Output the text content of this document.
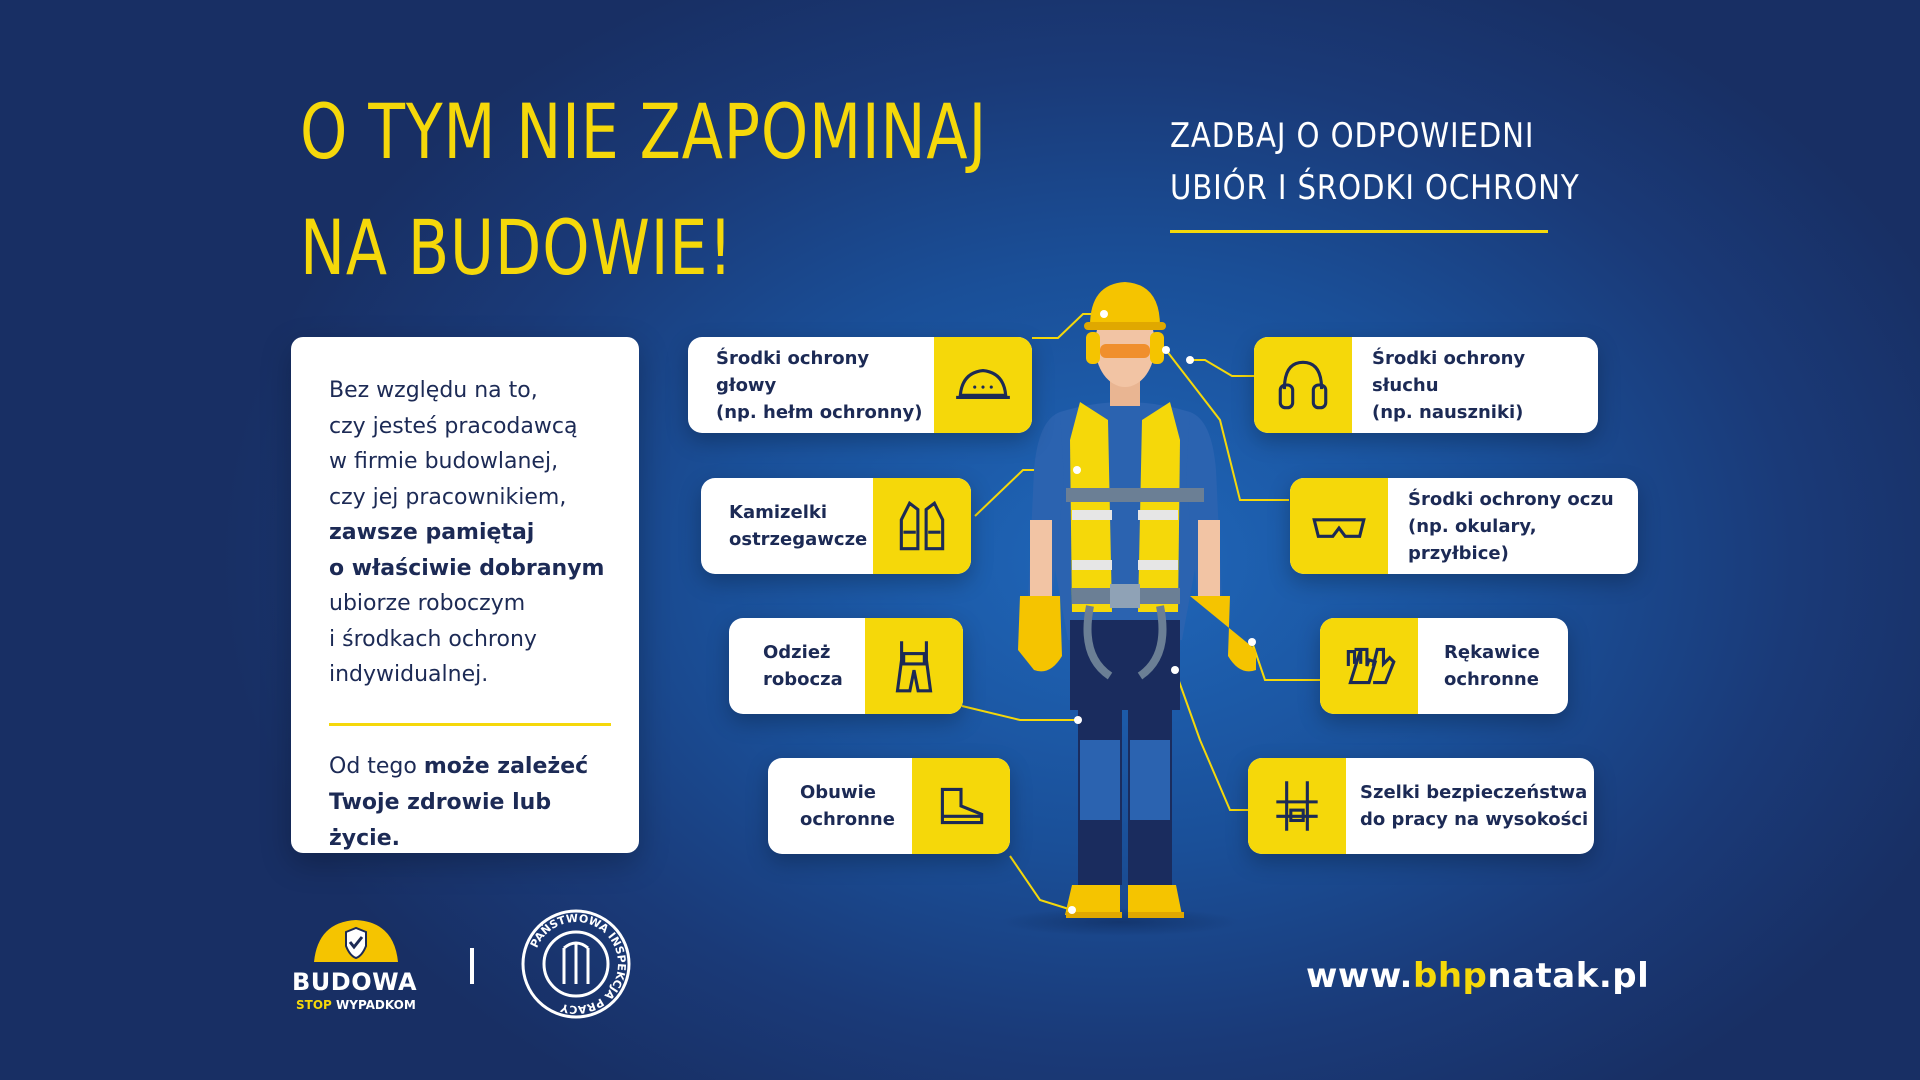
O TYM NIE ZAPOMINAJ
NA BUDOWIE!
ZADBAJ O ODPOWIEDNI
UBIÓR I ŚRODKI OCHRONY
Bez względu na to,
czy jesteś pracodawcą
w firmie budowlanej,
czy jej pracownikiem,
zawsze pamiętaj
o właściwie dobranym
ubiorze roboczym
i środkach ochrony
indywidualnej.
Od tego może zależeć
Twoje zdrowie lub życie.
Środki ochrony głowy
(np. hełm ochronny)
Kamizelki
ostrzegawcze
Odzież
robocza
Obuwie
ochronne
Środki ochrony słuchu
(np. nauszniki)
Środki ochrony oczu
(np. okulary, przyłbice)
Rękawice
ochronne
Szelki bezpieczeństwa
do pracy na wysokości
BUDOWA
STOP WYPADKOM
PAŃSTWOWA INSPEKCJA PRACY
www.bhpnatak.pl
